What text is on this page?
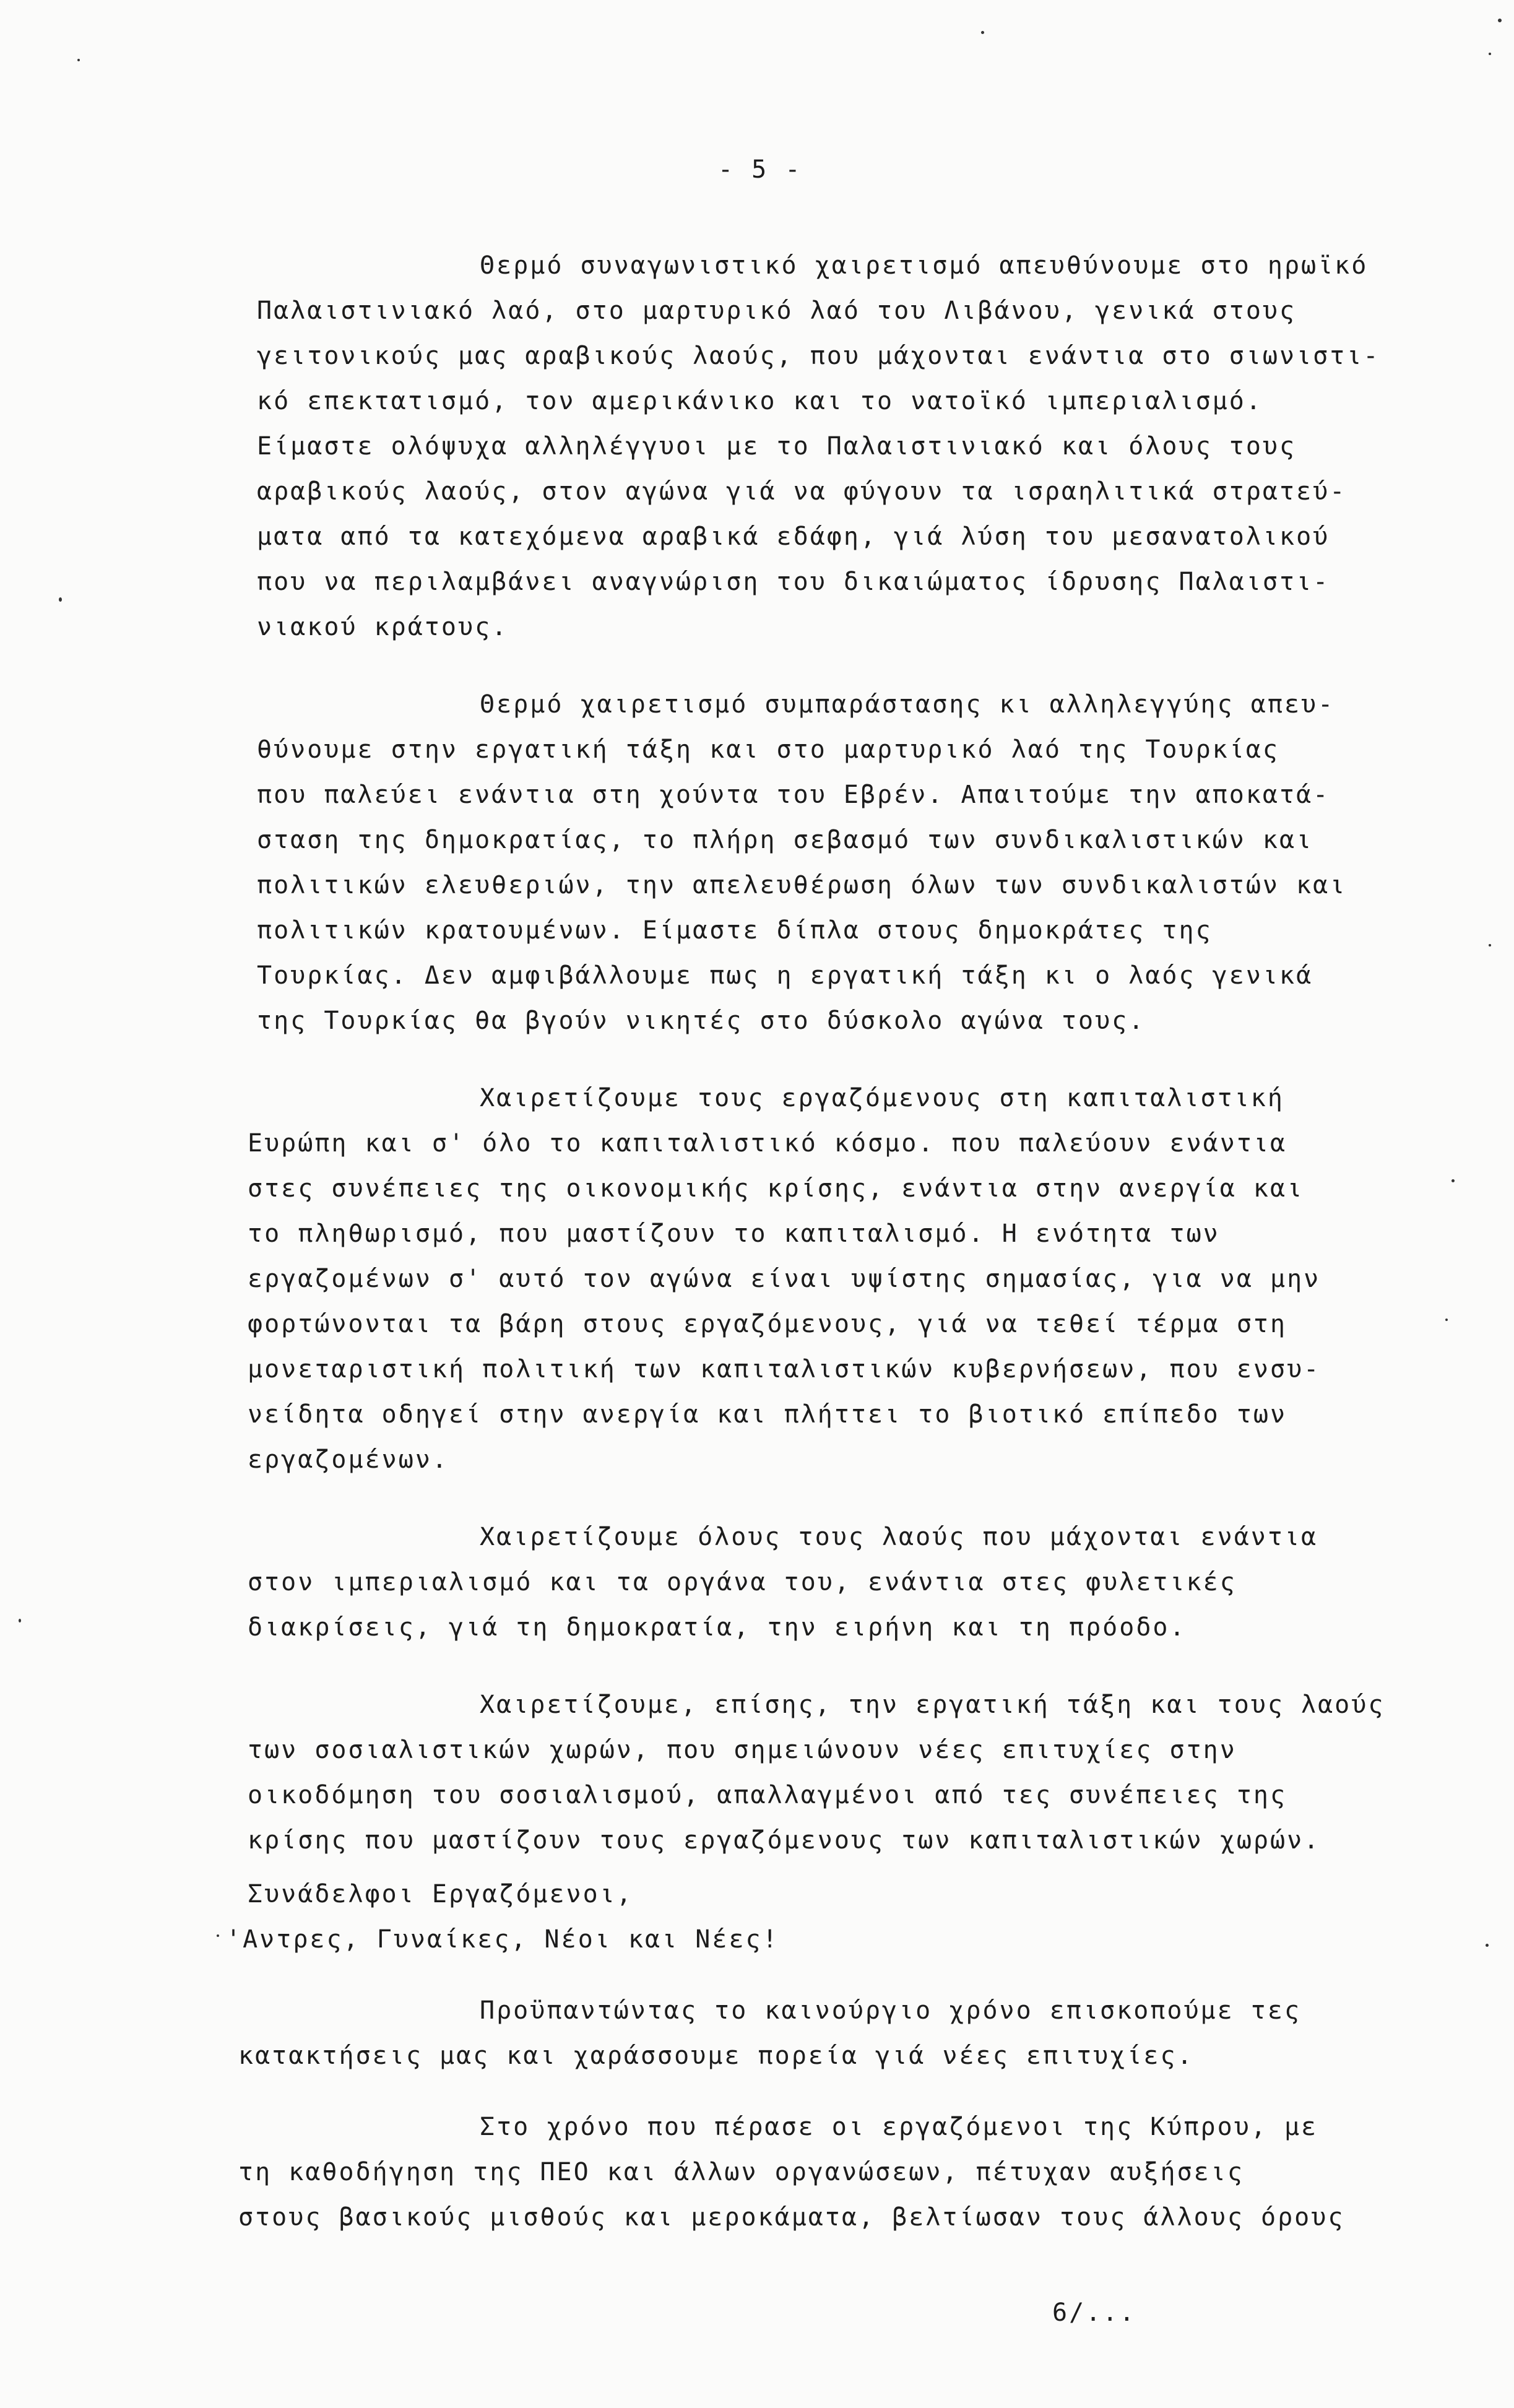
- 5 -
Θερμό συναγωνιστικό χαιρετισμό απευθύνουμε στο ηρωϊκό
Παλαιστινιακό λαό, στο μαρτυρικό λαό του Λιβάνου, γενικά στους
γειτονικούς μας αραβικούς λαούς, που μάχονται ενάντια στο σιωνιστι-
κό επεκτατισμό, τον αμερικάνικο και το νατοϊκό ιμπεριαλισμό.
Είμαστε ολόψυχα αλληλέγγυοι με το Παλαιστινιακό και όλους τους
αραβικούς λαούς, στον αγώνα γιά να φύγουν τα ισραηλιτικά στρατεύ-
ματα από τα κατεχόμενα αραβικά εδάφη, γιά λύση του μεσανατολικού
που να περιλαμβάνει αναγνώριση του δικαιώματος ίδρυσης Παλαιστι-
νιακού κράτους.
Θερμό χαιρετισμό συμπαράστασης κι αλληλεγγύης απευ-
θύνουμε στην εργατική τάξη και στο μαρτυρικό λαό της Τουρκίας
που παλεύει ενάντια στη χούντα του Εβρέν. Απαιτούμε την αποκατά-
σταση της δημοκρατίας, το πλήρη σεβασμό των συνδικαλιστικών και
πολιτικών ελευθεριών, την απελευθέρωση όλων των συνδικαλιστών και
πολιτικών κρατουμένων. Είμαστε δίπλα στους δημοκράτες της
Τουρκίας. Δεν αμφιβάλλουμε πως η εργατική τάξη κι ο λαός γενικά
της Τουρκίας θα βγούν νικητές στο δύσκολο αγώνα τους.
Χαιρετίζουμε τους εργαζόμενους στη καπιταλιστική
Ευρώπη και σ' όλο το καπιταλιστικό κόσμο. που παλεύουν ενάντια
στες συνέπειες της οικονομικής κρίσης, ενάντια στην ανεργία και
το πληθωρισμό, που μαστίζουν το καπιταλισμό. Η ενότητα των
εργαζομένων σ' αυτό τον αγώνα είναι υψίστης σημασίας, για να μην
φορτώνονται τα βάρη στους εργαζόμενους, γιά να τεθεί τέρμα στη
μονεταριστική πολιτική των καπιταλιστικών κυβερνήσεων, που ενσυ-
νείδητα οδηγεί στην ανεργία και πλήττει το βιοτικό επίπεδο των
εργαζομένων.
Χαιρετίζουμε όλους τους λαούς που μάχονται ενάντια
στον ιμπεριαλισμό και τα οργάνα του, ενάντια στες φυλετικές
διακρίσεις, γιά τη δημοκρατία, την ειρήνη και τη πρόοδο.
Χαιρετίζουμε, επίσης, την εργατική τάξη και τους λαούς
των σοσιαλιστικών χωρών, που σημειώνουν νέες επιτυχίες στην
οικοδόμηση του σοσιαλισμού, απαλλαγμένοι από τες συνέπειες της
κρίσης που μαστίζουν τους εργαζόμενους των καπιταλιστικών χωρών.
Συνάδελφοι Εργαζόμενοι,
'Αντρες, Γυναίκες, Νέοι και Νέες!
Προϋπαντώντας το καινούργιο χρόνο επισκοπούμε τες
κατακτήσεις μας και χαράσσουμε πορεία γιά νέες επιτυχίες.
Στο χρόνο που πέρασε οι εργαζόμενοι της Κύπρου, με
τη καθοδήγηση της ΠΕΟ και άλλων οργανώσεων, πέτυχαν αυξήσεις
στους βασικούς μισθούς και μεροκάματα, βελτίωσαν τους άλλους όρους
6/...
